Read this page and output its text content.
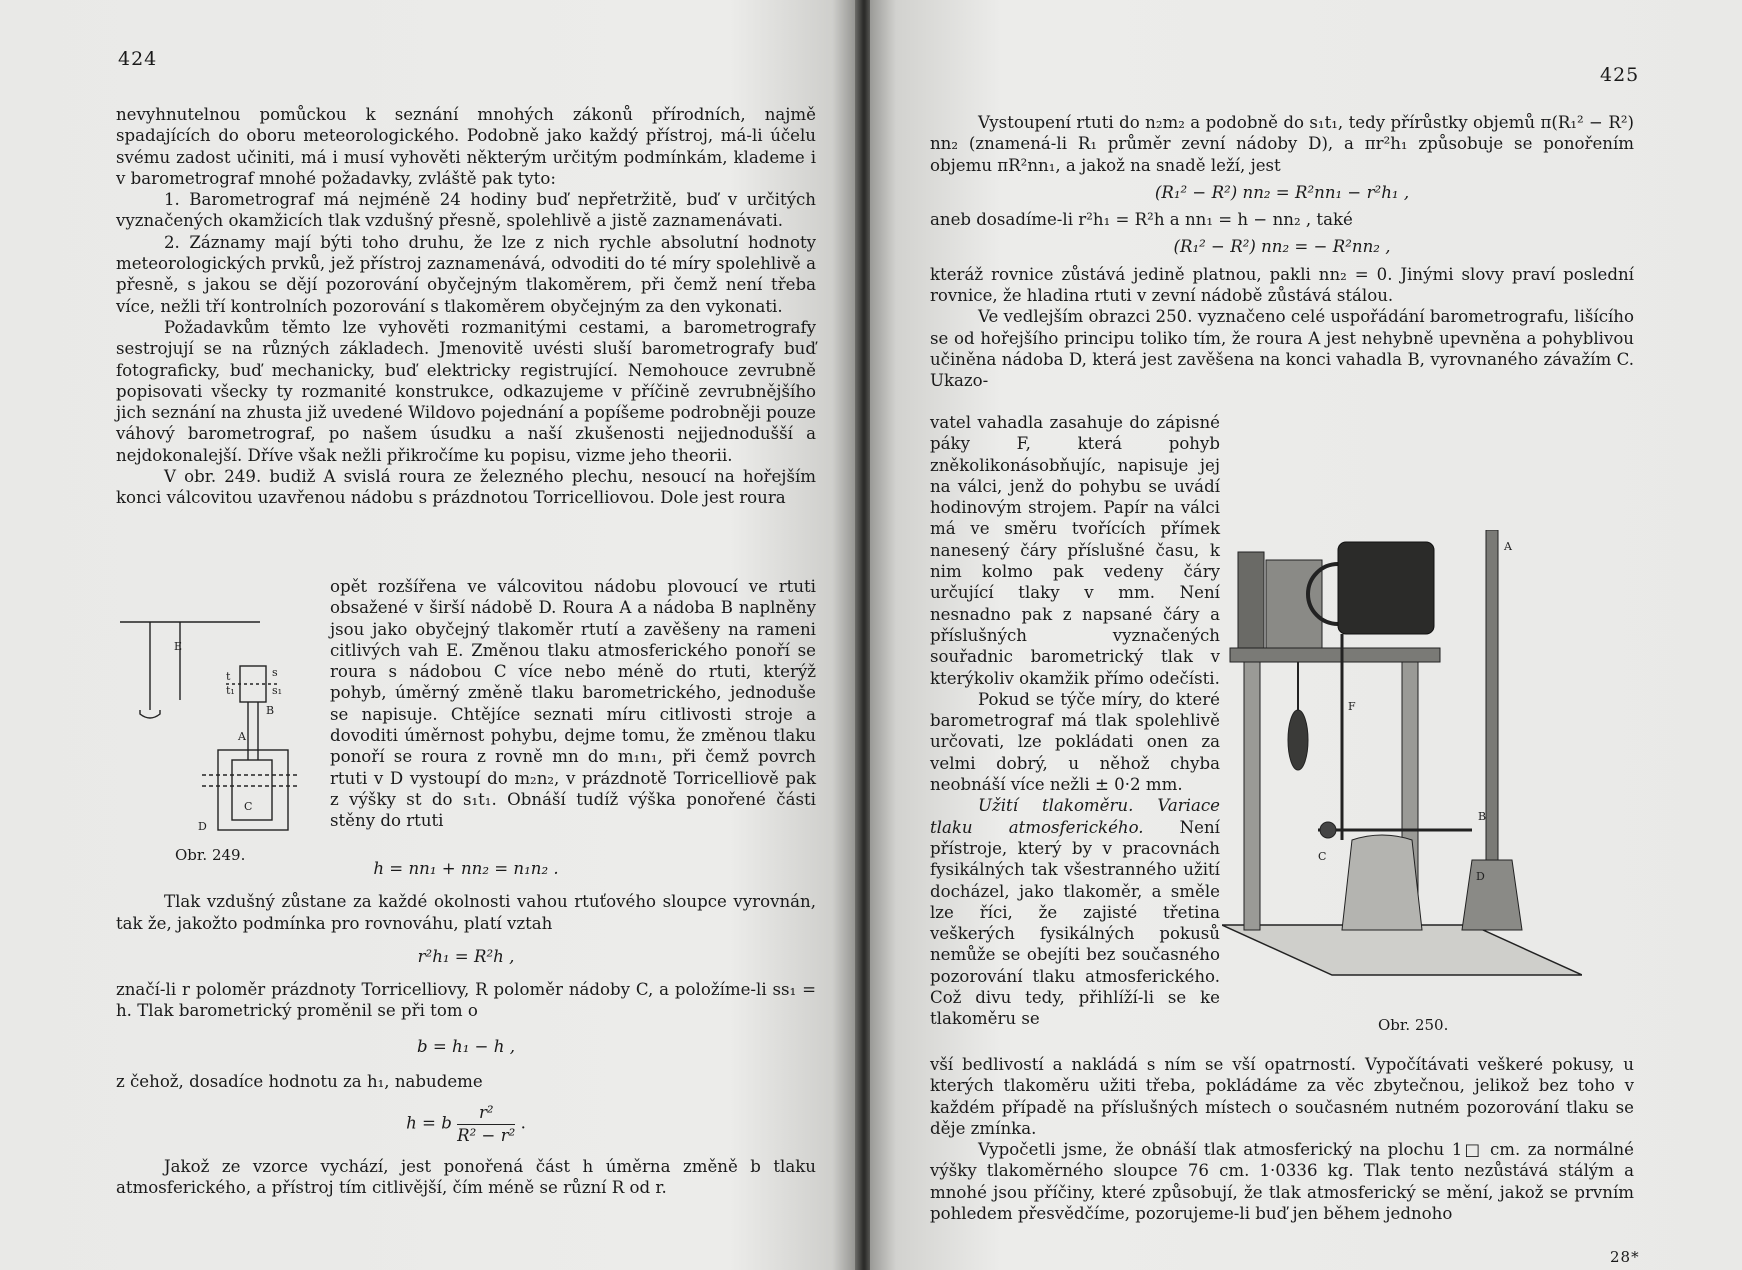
424

nevyhnutelnou pomůckou k seznání mnohých zákonů přírodních, najmě spadajících do oboru meteorologického. Podobně jako každý přístroj, má-li účelu svému zadost učiniti, má i musí vyhověti některým určitým podmínkám, klademe i v barometrograf mnohé požadavky, zvláště pak tyto:

1. Barometrograf má nejméně 24 hodiny buď nepřetržitě, buď v určitých vyznačených okamžicích tlak vzdušný přesně, spolehlivě a jistě zaznamenávati.

2. Záznamy mají býti toho druhu, že lze z nich rychle absolutní hodnoty meteorologických prvků, jež přístroj zaznamenává, odvoditi do té míry spolehlivě a přesně, s jakou se dějí pozorování obyčejným tlakoměrem, při čemž není třeba více, nežli tří kontrolních pozorování s tlakoměrem obyčejným za den vykonati.

Požadavkům těmto lze vyhověti rozmanitými cestami, a barometrografy sestrojují se na různých základech. Jmenovitě uvésti sluší barometrografy buď fotograficky, buď mechanicky, buď elektricky registrující. Nemohouce zevrubně popisovati všecky ty rozmanité konstrukce, odkazujeme v příčině zevrubnějšího jich seznání na zhusta již uvedené Wildovo pojednání a popíšeme podrobněji pouze váhový barometrograf, po našem úsudku a naší zkušenosti nejjednodušší a nejdokonalejší. Dříve však nežli přikročíme ku popisu, vizme jeho theorii.

V obr. 249. budiž A svislá roura ze železného plechu, nesoucí na hořejším konci válcovitou uzavřenou nádobu s prázdnotou Torricelliovou. Dole jest roura

E
t	s
t₁	s₁
B
A
C
D
Obr. 249.

opět rozšířena ve válcovitou nádobu plovoucí ve rtuti obsažené v širší nádobě D. Roura A a nádoba B naplněny jsou jako obyčejný tlakoměr rtutí a zavěšeny na rameni citlivých vah E. Změnou tlaku atmosferického ponoří se roura s nádobou C více nebo méně do rtuti, kterýž pohyb, úměrný změně tlaku barometrického, jednoduše se napisuje. Chtějíce seznati míru citlivosti stroje a dovoditi úměrnost pohybu, dejme tomu, že změnou tlaku ponoří se roura z rovně mn do m₁n₁, při čemž povrch rtuti v D vystoupí do m₂n₂, v prázdnotě Torricelliově pak z výšky st do s₁t₁. Obnáší tudíž výška ponořené části stěny do rtuti

h = nn₁ + nn₂ = n₁n₂ .

Tlak vzdušný zůstane za každé okolnosti vahou rtuťového sloupce vyrovnán, tak že, jakožto podmínka pro rovnováhu, platí vztah

r²h₁ = R²h ,

značí-li r poloměr prázdnoty Torricelliovy, R poloměr nádoby C, a položíme-li ss₁ = h. Tlak barometrický proměnil se při tom o

b = h₁ − h ,

z čehož, dosadíce hodnotu za h₁, nabudeme

h = b $\frac{\text{r²}}{\text{R² − r²}}$ .

Jakož ze vzorce vychází, jest ponořená část h úměrna změně b tlaku atmosferického, a přístroj tím citlivější, čím méně se různí R od r.

425

Vystoupení rtuti do n₂m₂ a podobně do s₁t₁, tedy přírůstky objemů π(R₁² − R²) nn₂ (znamená-li R₁ průměr zevní nádoby D), a πr²h₁ způsobuje se ponořením objemu πR²nn₁, a jakož na snadě leží, jest

(R₁² − R²) nn₂ = R²nn₁ − r²h₁ ,

aneb dosadíme-li r²h₁ = R²h a nn₁ = h − nn₂ , také

(R₁² − R²) nn₂ = − R²nn₂ ,

kteráž rovnice zůstává jedině platnou, pakli nn₂ = 0. Jinými slovy praví poslední rovnice, že hladina rtuti v zevní nádobě zůstává stálou.

Ve vedlejším obrazci 250. vyznačeno celé uspořádání barometrografu, lišícího se od hořejšího principu toliko tím, že roura A jest nehybně upevněna a pohyblivou učiněna nádoba D, která jest zavěšena na konci vahadla B, vyrovnaného závažím C. Ukazo-

vatel vahadla zasahuje do zápisné páky F, která pohyb zněkolikonásobňujíc, napisuje jej na válci, jenž do pohybu se uvádí hodinovým strojem. Papír na válci má ve směru tvořících přímek nanesený čáry příslušné času, k nim kolmo pak vedeny čáry určující tlaky v mm. Není nesnadno pak z napsané čáry a příslušných vyznačených souřadnic barometrický tlak v kterýkoliv okamžik přímo odečísti.

Pokud se týče míry, do které barometrograf má tlak spolehlivě určovati, lze pokládati onen za velmi dobrý, u něhož chyba neobnáší více nežli ± 0·2 mm.

Užití tlakoměru. Variace tlaku atmosferického. Není přístroje, který by v pracovnách fysikálných tak všestranného užití docházel, jako tlakoměr, a směle lze říci, že zajisté třetina veškerých fysikálných pokusů nemůže se obejíti bez současného pozorování tlaku atmosferického. Což divu tedy, přihlíží-li se ke tlakoměru se

vší bedlivostí a nakládá s ním se vší opatrností. Vypočítávati veškeré pokusy, u kterých tlakoměru užiti třeba, pokládáme za věc zbytečnou, jelikož bez toho v každém případě na příslušných místech o současném nutném pozorování tlaku se děje zmínka.

Vypočetli jsme, že obnáší tlak atmosferický na plochu 1□ cm. za normálné výšky tlakoměrného sloupce 76 cm. 1·0336 kg. Tlak tento nezůstává stálým a mnohé jsou příčiny, které způsobují, že tlak atmosferický se mění, jakož se prvním pohledem přesvědčíme, pozorujeme-li buď jen během jednoho

28*
Obr. 250.
A
F
B
C
D
